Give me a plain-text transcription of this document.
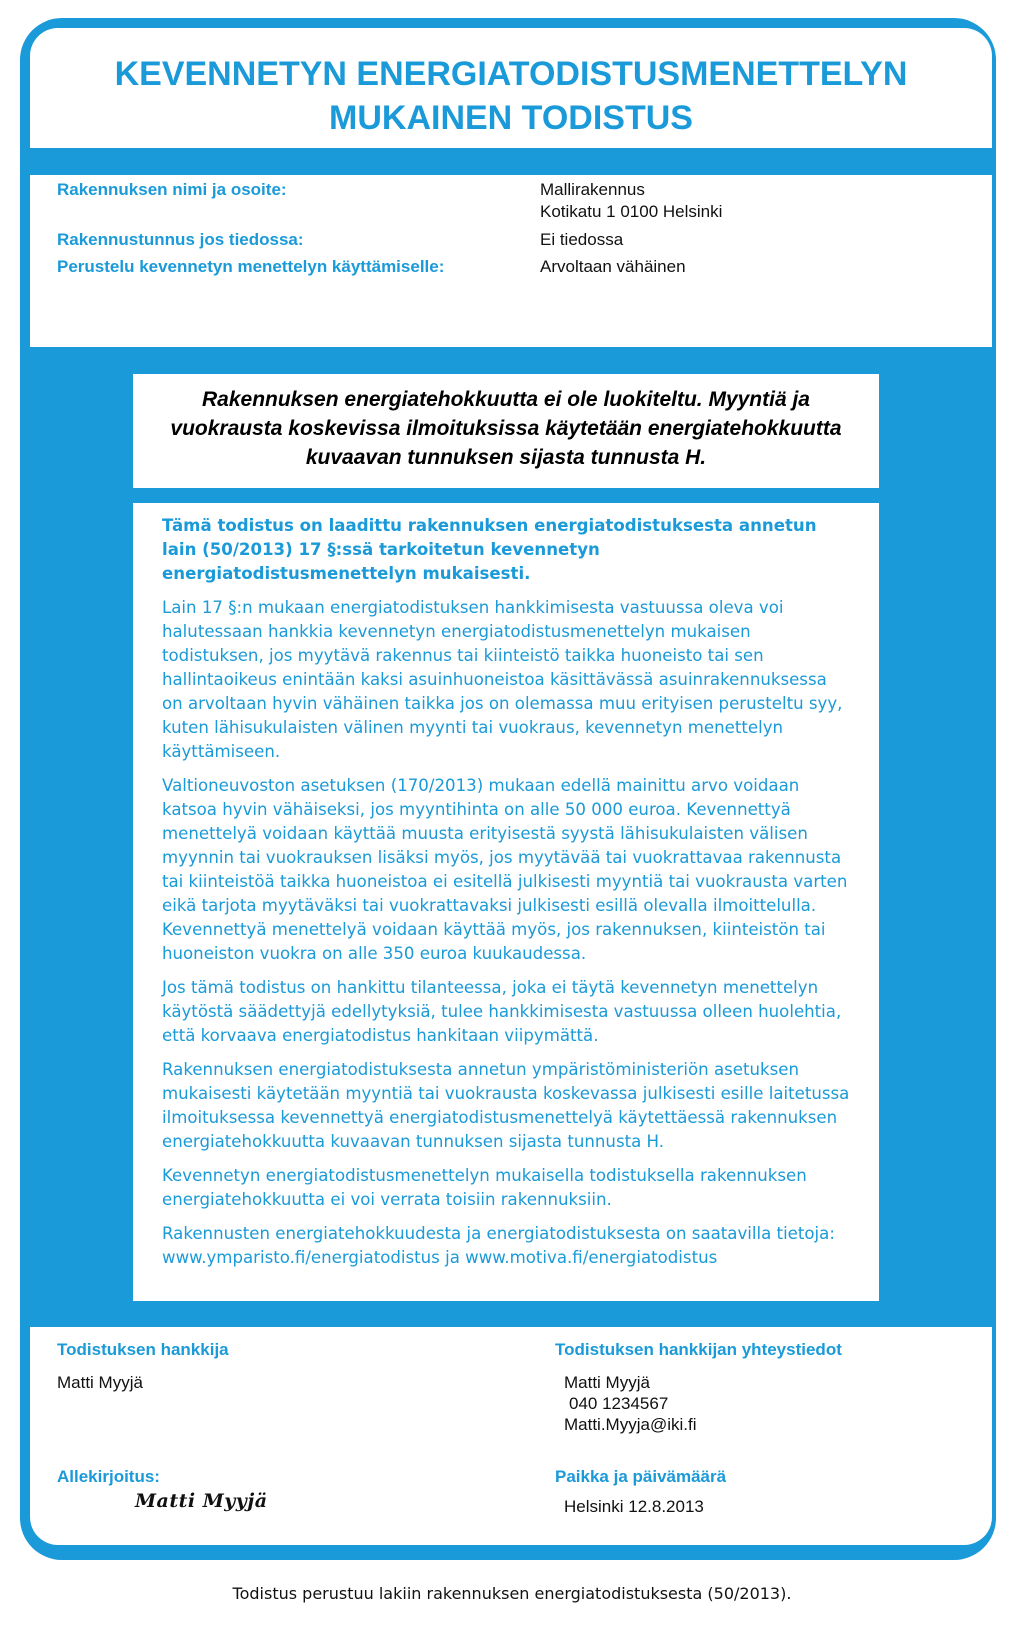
KEVENNETYN ENERGIATODISTUSMENETTELYN
MUKAINEN TODISTUS
Rakennuksen nimi ja osoite:	Mallirakennus
Kotikatu 1 0100 Helsinki
Rakennustunnus jos tiedossa:	Ei tiedossa
Perustelu kevennetyn menettelyn käyttämiselle:	Arvoltaan vähäinen
Rakennuksen energiatehokkuutta ei ole luokiteltu. Myyntiä ja
vuokrausta koskevissa ilmoituksissa käytetään energiatehokkuutta
kuvaavan tunnuksen sijasta tunnusta H.

Tämä todistus on laadittu rakennuksen energiatodistuksesta annetun lain (50/2013) 17 §:ssä tarkoitetun kevennetyn energiatodistusmenettelyn mukaisesti.

Lain 17 §:n mukaan energiatodistuksen hankkimisesta vastuussa oleva voi halutessaan hankkia kevennetyn energiatodistusmenettelyn mukaisen todistuksen, jos myytävä rakennus tai kiinteistö taikka huoneisto tai sen hallintaoikeus enintään kaksi asuinhuoneistoa käsittävässä asuinrakennuksessa on arvoltaan hyvin vähäinen taikka jos on olemassa muu erityisen perusteltu syy, kuten lähisukulaisten välinen myynti tai vuokraus, kevennetyn menettelyn käyttämiseen.

Valtioneuvoston asetuksen (170/2013) mukaan edellä mainittu arvo voidaan katsoa hyvin vähäiseksi, jos myyntihinta on alle 50 000 euroa. Kevennettyä menettelyä voidaan käyttää muusta erityisestä syystä lähisukulaisten välisen myynnin tai vuokrauksen lisäksi myös, jos myytävää tai vuokrattavaa rakennusta tai kiinteistöä taikka huoneistoa ei esitellä julkisesti myyntiä tai vuokrausta varten eikä tarjota myytäväksi tai vuokrattavaksi julkisesti esillä olevalla ilmoittelulla. Kevennettyä menettelyä voidaan käyttää myös, jos rakennuksen, kiinteistön tai huoneiston vuokra on alle 350 euroa kuukaudessa.

Jos tämä todistus on hankittu tilanteessa, joka ei täytä kevennetyn menettelyn käytöstä säädettyjä edellytyksiä, tulee hankkimisesta vastuussa olleen huolehtia, että korvaava energiatodistus hankitaan viipymättä.

Rakennuksen energiatodistuksesta annetun ympäristöministeriön asetuksen mukaisesti käytetään myyntiä tai vuokrausta koskevassa julkisesti esille laitetussa ilmoituksessa kevennettyä energiatodistusmenettelyä käytettäessä rakennuksen energiatehokkuutta kuvaavan tunnuksen sijasta tunnusta H.

Kevennetyn energiatodistusmenettelyn mukaisella todistuksella rakennuksen energiatehokkuutta ei voi verrata toisiin rakennuksiin.

Rakennusten energiatehokkuudesta ja energiatodistuksesta on saatavilla tietoja:
www.ymparisto.fi/energiatodistus ja www.motiva.fi/energiatodistus

Todistuksen hankkija
Matti Myyjä
Todistuksen hankkijan yhteystiedot
Matti Myyjä
040 1234567
Matti.Myyja@iki.fi
Allekirjoitus:
Matti Myyjä
Paikka ja päivämäärä
Helsinki 12.8.2013
Todistus perustuu lakiin rakennuksen energiatodistuksesta (50/2013).
